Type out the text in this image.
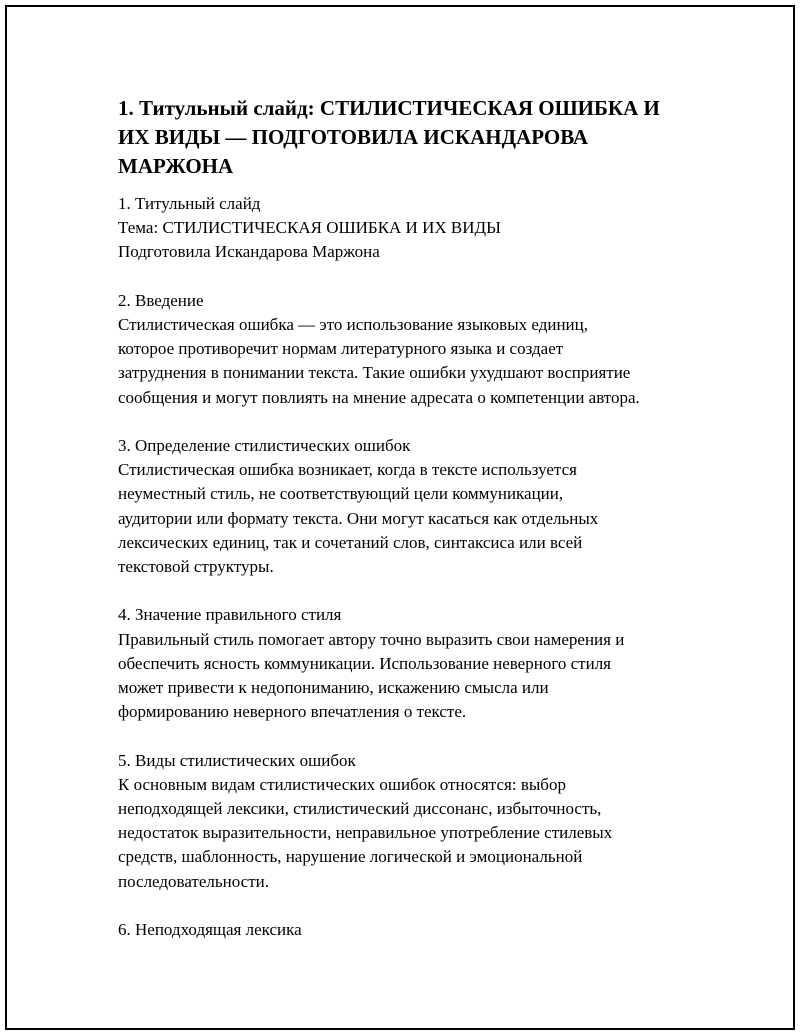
1. Титульный слайд: СТИЛИСТИЧЕСКАЯ ОШИБКА И
ИХ ВИДЫ — ПОДГОТОВИЛА ИСКАНДАРОВА
МАРЖОНА
1. Титульный слайд
Тема: СТИЛИСТИЧЕСКАЯ ОШИБКА И ИХ ВИДЫ
Подготовила Искандарова Маржона
2. Введение
Стилистическая ошибка — это использование языковых единиц,
которое противоречит нормам литературного языка и создает
затруднения в понимании текста. Такие ошибки ухудшают восприятие
сообщения и могут повлиять на мнение адресата о компетенции автора.
3. Определение стилистических ошибок
Стилистическая ошибка возникает, когда в тексте используется
неуместный стиль, не соответствующий цели коммуникации,
аудитории или формату текста. Они могут касаться как отдельных
лексических единиц, так и сочетаний слов, синтаксиса или всей
текстовой структуры.
4. Значение правильного стиля
Правильный стиль помогает автору точно выразить свои намерения и
обеспечить ясность коммуникации. Использование неверного стиля
может привести к недопониманию, искажению смысла или
формированию неверного впечатления о тексте.
5. Виды стилистических ошибок
К основным видам стилистических ошибок относятся: выбор
неподходящей лексики, стилистический диссонанс, избыточность,
недостаток выразительности, неправильное употребление стилевых
средств, шаблонность, нарушение логической и эмоциональной
последовательности.
6. Неподходящая лексика
